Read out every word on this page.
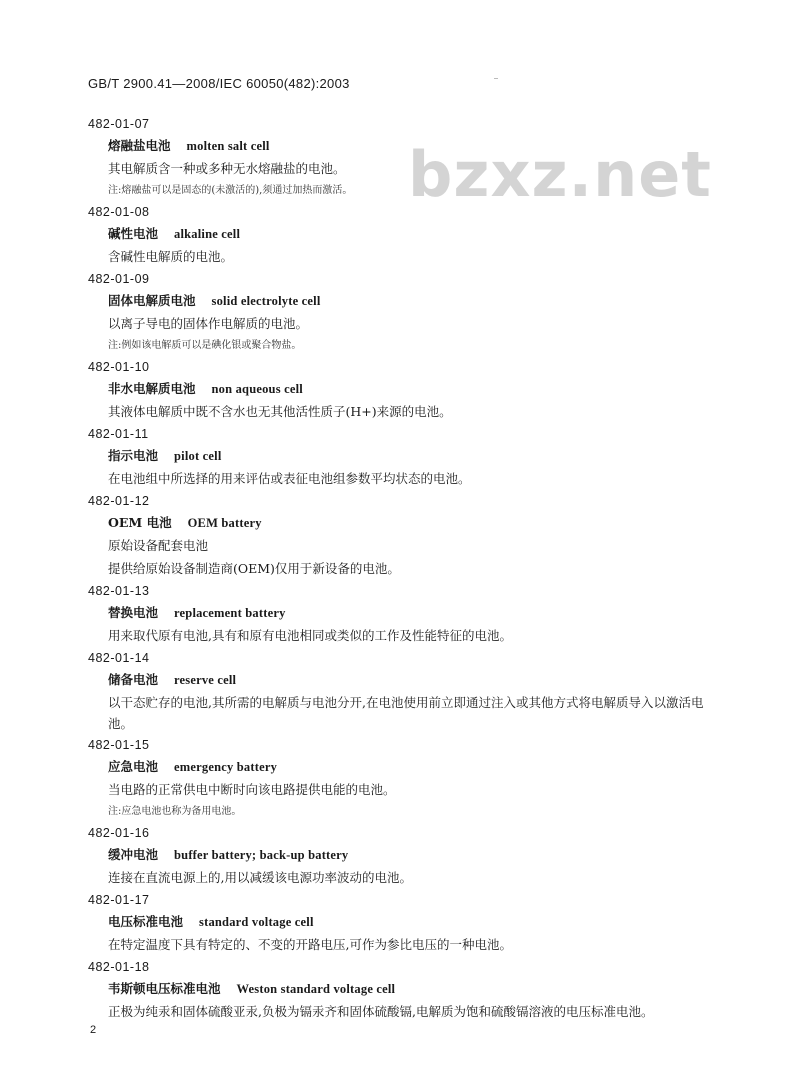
GB/T 2900.41—2008/IEC 60050(482):2003
bzxz.net
482-01-07
熔融盐电池 molten salt cell
其电解质含一种或多种无水熔融盐的电池。
注:熔融盐可以是固态的(未激活的),须通过加热而激活。
482-01-08
碱性电池 alkaline cell
含碱性电解质的电池。
482-01-09
固体电解质电池 solid electrolyte cell
以离子导电的固体作电解质的电池。
注:例如该电解质可以是碘化银或聚合物盐。
482-01-10
非水电解质电池 non aqueous cell
其液体电解质中既不含水也无其他活性质子(H+)来源的电池。
482-01-11
指示电池 pilot cell
在电池组中所选择的用来评估或表征电池组参数平均状态的电池。
482-01-12
OEM 电池 OEM battery
原始设备配套电池
提供给原始设备制造商(OEM)仅用于新设备的电池。
482-01-13
替换电池 replacement battery
用来取代原有电池,具有和原有电池相同或类似的工作及性能特征的电池。
482-01-14
储备电池 reserve cell
以干态贮存的电池,其所需的电解质与电池分开,在电池使用前立即通过注入或其他方式将电解质导入以激活电池。
482-01-15
应急电池 emergency battery
当电路的正常供电中断时向该电路提供电能的电池。
注:应急电池也称为备用电池。
482-01-16
缓冲电池 buffer battery; back-up battery
连接在直流电源上的,用以减缓该电源功率波动的电池。
482-01-17
电压标准电池 standard voltage cell
在特定温度下具有特定的、不变的开路电压,可作为参比电压的一种电池。
482-01-18
韦斯顿电压标准电池 Weston standard voltage cell
正极为纯汞和固体硫酸亚汞,负极为镉汞齐和固体硫酸镉,电解质为饱和硫酸镉溶液的电压标准电池。
2
